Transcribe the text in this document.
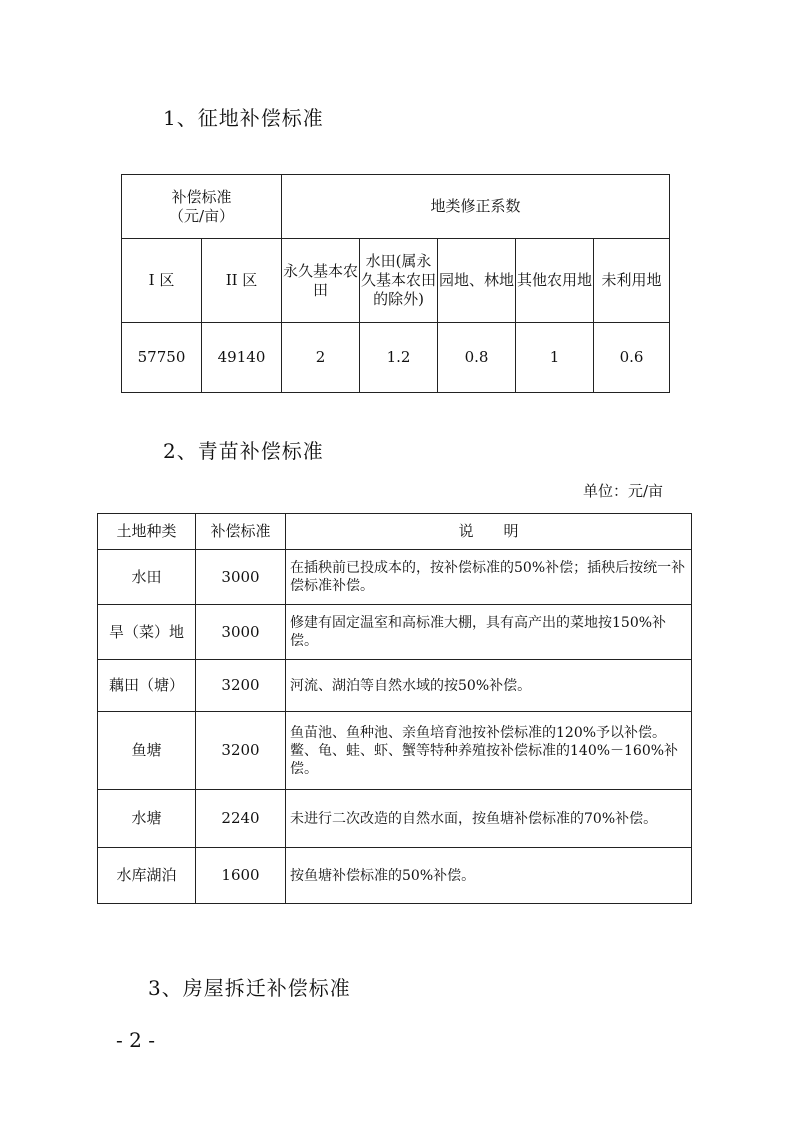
1、征地补偿标准
补偿标准
（元/亩）		地类修正系数				
I 区	II 区	永久基本农田	水田(属永久基本农田的除外)	园地、林地	其他农用地	未利用地
57750	49140	2	1.2	0.8	1	0.6
2、青苗补偿标准
单位：元/亩
土地种类	补偿标准	说　　明
水田	3000	在插秧前已投成本的，按补偿标准的50%补偿；插秧后按统一补偿标准补偿。
旱（菜）地	3000	修建有固定温室和高标准大棚，具有高产出的菜地按150%补偿。
藕田（塘）	3200	河流、湖泊等自然水域的按50%补偿。
鱼塘	3200	鱼苗池、鱼种池、亲鱼培育池按补偿标准的120%予以补偿。鳖、龟、蛙、虾、蟹等特种养殖按补偿标准的140%－160%补偿。
水塘	2240	未进行二次改造的自然水面，按鱼塘补偿标准的70%补偿。
水库湖泊	1600	按鱼塘补偿标准的50%补偿。
3、房屋拆迁补偿标准
- 2 -
